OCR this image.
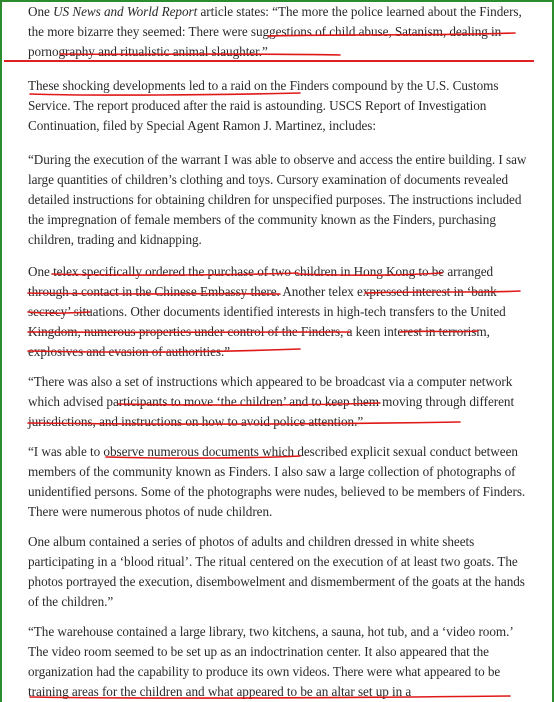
One US News and World Report article states: “The more the police learned about the Finders, the more bizarre they seemed: There were suggestions of child abuse, Satanism, dealing in pornography and ritualistic animal slaughter.”

These shocking developments led to a raid on the Finders compound by the U.S. Customs Service. The report produced after the raid is astounding. USCS Report of Investigation Continuation, filed by Special Agent Ramon J. Martinez, includes:

“During the execution of the warrant I was able to observe and access the entire building. I saw large quantities of children’s clothing and toys. Cursory examination of documents revealed detailed instructions for obtaining children for unspecified purposes. The instructions included the impregnation of female members of the community known as the Finders, purchasing children, trading and kidnapping.

One telex specifically ordered the purchase of two children in Hong Kong to be arranged through a contact in the Chinese Embassy there. Another telex expressed interest in ‘bank secrecy’ situations. Other documents identified interests in high-tech transfers to the United Kingdom, numerous properties under control of the Finders, a keen interest in terrorism, explosives and evasion of authorities.”

“There was also a set of instructions which appeared to be broadcast via a computer network which advised participants to move ‘the children’ and to keep them moving through different jurisdictions, and instructions on how to avoid police attention.”

“I was able to observe numerous documents which described explicit sexual conduct between members of the community known as Finders. I also saw a large collection of photographs of unidentified persons. Some of the photographs were nudes, believed to be members of Finders. There were numerous photos of nude children.

One album contained a series of photos of adults and children dressed in white sheets participating in a ‘blood ritual’. The ritual centered on the execution of at least two goats. The photos portrayed the execution, disembowelment and dismemberment of the goats at the hands of the children.”

“The warehouse contained a large library, two kitchens, a sauna, hot tub, and a ‘video room.’ The video room seemed to be set up as an indoctrination center. It also appeared that the organization had the capability to produce its own videos. There were what appeared to be training areas for the children and what appeared to be an altar set up in a
